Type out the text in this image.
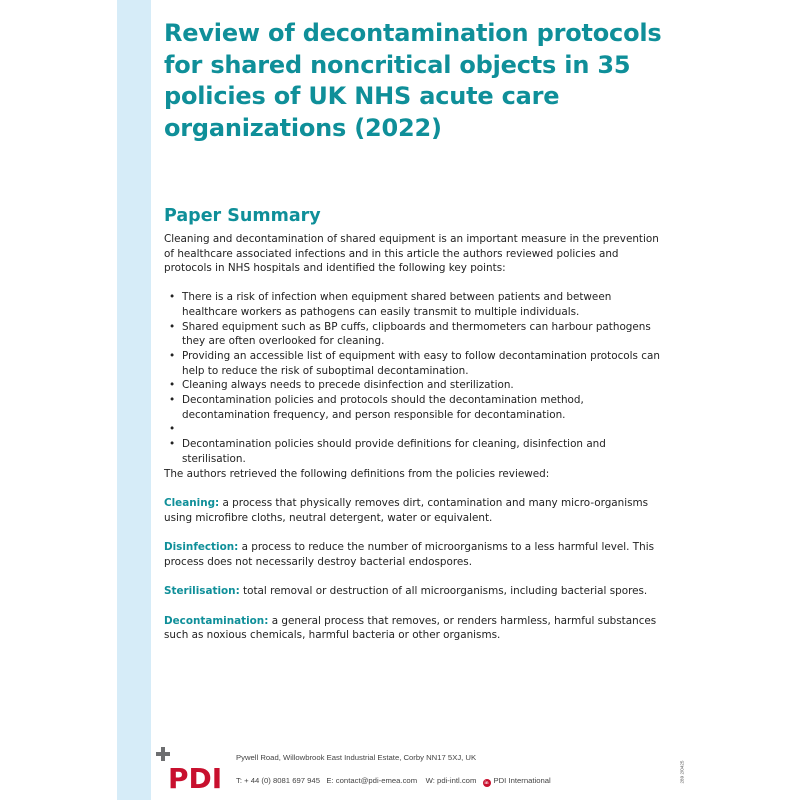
Review of decontamination protocols for shared noncritical objects in 35 policies of UK NHS acute care organizations (2022)
Paper Summary

Cleaning and decontamination of shared equipment is an important measure in the prevention of healthcare associated infections and in this article the authors reviewed policies and protocols in NHS hospitals and identified the following key points:

• There is a risk of infection when equipment shared between patients and between healthcare workers as pathogens can easily transmit to multiple individuals.
• Shared equipment such as BP cuffs, clipboards and thermometers can harbour pathogens they are often overlooked for cleaning.
• Providing an accessible list of equipment with easy to follow decontamination protocols can help to reduce the risk of suboptimal decontamination.
• Cleaning always needs to precede disinfection and sterilization.
• Decontamination policies and protocols should the decontamination method, decontamination frequency, and person responsible for decontamination.
•
• Decontamination policies should provide definitions for cleaning, disinfection and sterilisation.

The authors retrieved the following definitions from the policies reviewed:

Cleaning: a process that physically removes dirt, contamination and many micro-organisms using microfibre cloths, neutral detergent, water or equivalent.

Disinfection: a process to reduce the number of microorganisms to a less harmful level. This process does not necessarily destroy bacterial endospores.

Sterilisation: total removal or destruction of all microorganisms, including bacterial spores.

Decontamination: a general process that removes, or renders harmless, harmful substances such as noxious chemicals, harmful bacteria or other organisms.

PDI
Pywell Road, Willowbrook East Industrial Estate, Corby NN17 5XJ, UK
T: + 44 (0) 8081 697 945 E: contact@pdi-emea.com W: pdi-intl.com in PDI International	289 2/0425
